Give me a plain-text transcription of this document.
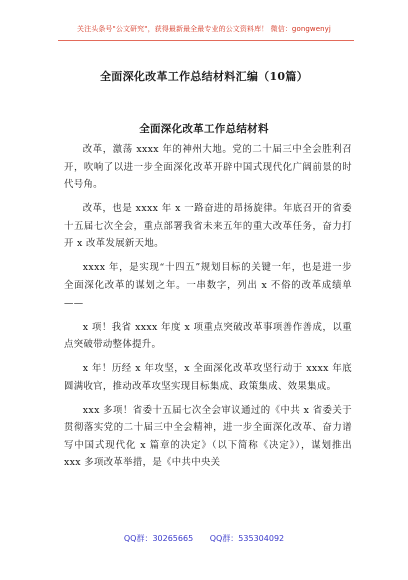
关注头条号"公文研究"，获得最新最全最专业的公文资料库！ 微信：gongwenyj
全面深化改革工作总结材料汇编（10篇）
全面深化改革工作总结材料

改革，激荡 xxxx 年的神州大地。党的二十届三中全会胜利召开，吹响了以进一步全面深化改革开辟中国式现代化广阔前景的时代号角。

改革，也是 xxxx 年 x 一路奋进的昂扬旋律。年底召开的省委十五届七次全会，重点部署我省未来五年的重大改革任务，奋力打开 x 改革发展新天地。

xxxx 年，是实现“十四五”规划目标的关键一年，也是进一步全面深化改革的谋划之年。一串数字，列出 x 不俗的改革成绩单——

x 项！我省 xxxx 年度 x 项重点突破改革事项善作善成，以重点突破带动整体提升。

x 年！历经 x 年攻坚，x 全面深化改革攻坚行动于 xxxx 年底圆满收官，推动改革攻坚实现目标集成、政策集成、效果集成。

xxx 多项！省委十五届七次全会审议通过的《中共 x 省委关于贯彻落实党的二十届三中全会精神，进一步全面深化改革、奋力谱写中国式现代化 x 篇章的决定》（以下简称《决定》），谋划推出 xxx 多项改革举措，是《中共中央关

QQ群：30265665 QQ群：535304092
